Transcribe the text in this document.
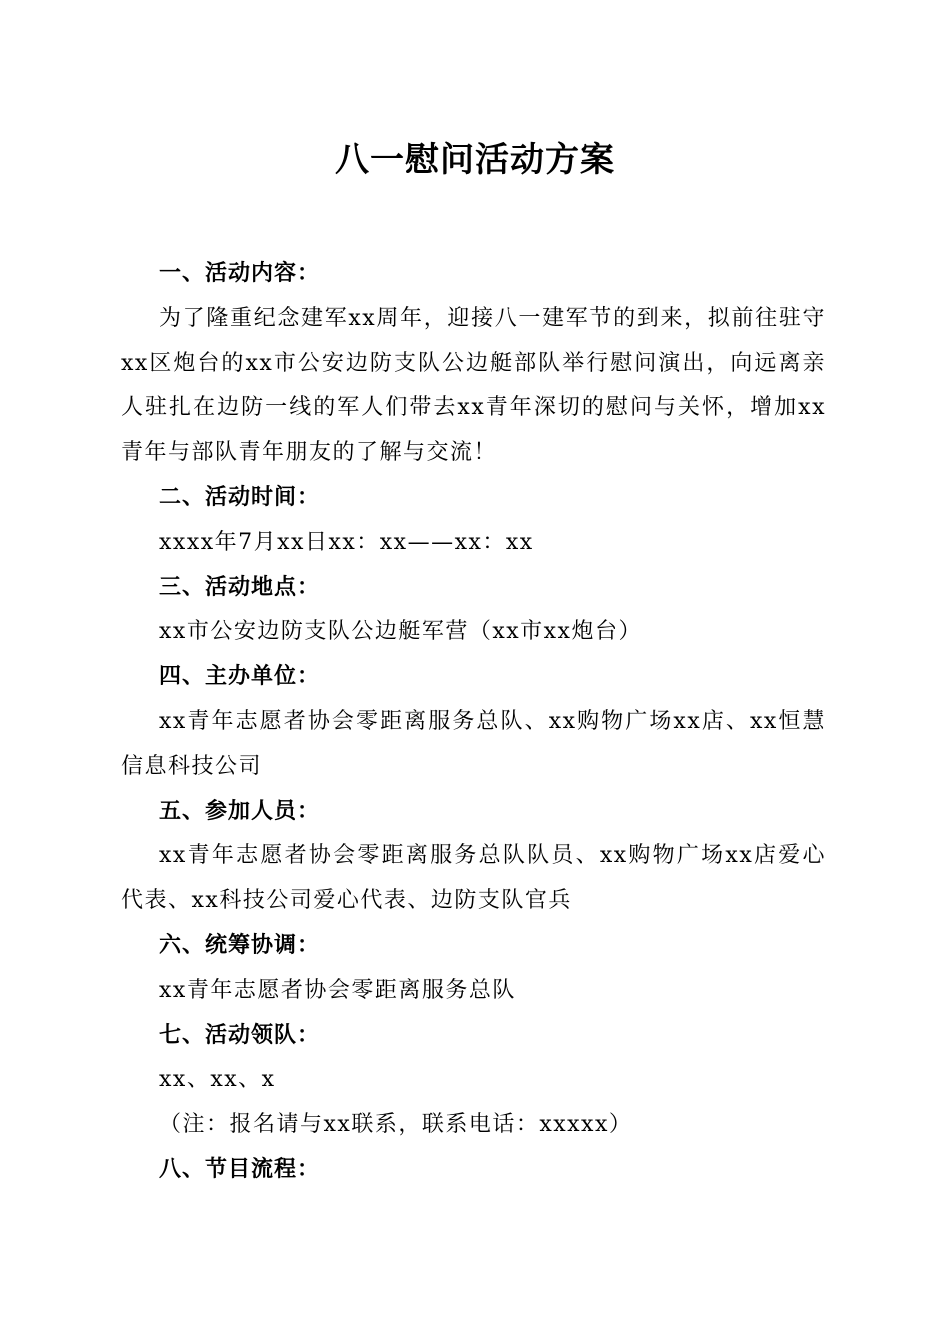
八一慰问活动方案

一、活动内容：

为了隆重纪念建军xx周年，迎接八一建军节的到来，拟前往驻守xx区炮台的xx市公安边防支队公边艇部队举行慰问演出，向远离亲人驻扎在边防一线的军人们带去xx青年深切的慰问与关怀，增加xx青年与部队青年朋友的了解与交流！

二、活动时间：

xxxx年7月xx日xx：xx——xx：xx

三、活动地点：

xx市公安边防支队公边艇军营（xx市xx炮台）

四、主办单位：

xx青年志愿者协会零距离服务总队、xx购物广场xx店、xx恒慧信息科技公司

五、参加人员：

xx青年志愿者协会零距离服务总队队员、xx购物广场xx店爱心代表、xx科技公司爱心代表、边防支队官兵

六、统筹协调：

xx青年志愿者协会零距离服务总队

七、活动领队：

xx、xx、x

（注：报名请与xx联系，联系电话：xxxxx）

八、节目流程：
